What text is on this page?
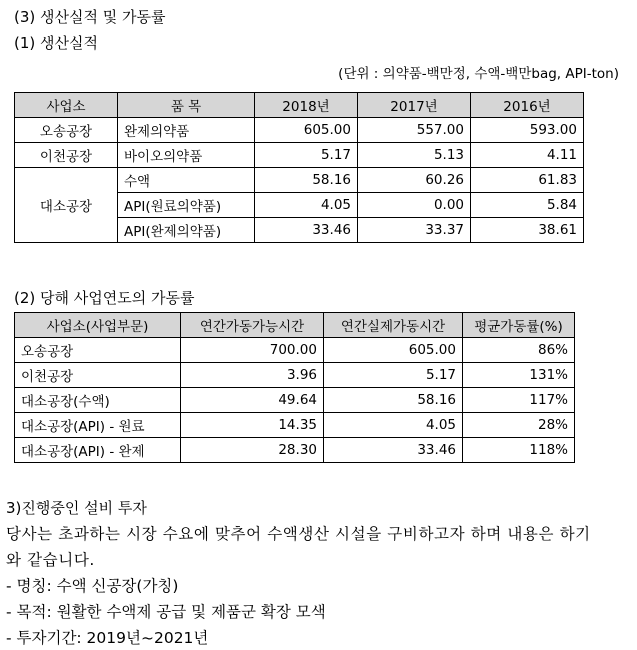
(3) 생산실적 및 가동률
(1) 생산실적
(단위 : 의약품-백만정, 수액-백만bag, API-ton)
사업소	품 목	2018년	2017년	2016년
오송공장	완제의약품	605.00	557.00	593.00
이천공장	바이오의약품	5.17	5.13	4.11
대소공장	수액	58.16	60.26	61.83
	API(원료의약품)	4.05	0.00	5.84
	API(완제의약품)	33.46	33.37	38.61
(2) 당해 사업연도의 가동률
사업소(사업부문)	연간가동가능시간	연간실제가동시간	평균가동률(%)
오송공장	700.00	605.00	86%
이천공장	3.96	5.17	131%
대소공장(수액)	49.64	58.16	117%
대소공장(API) - 원료	14.35	4.05	28%
대소공장(API) - 완제	28.30	33.46	118%
3)진행중인 설비 투자
당사는 초과하는 시장 수요에 맞추어 수액생산 시설을 구비하고자 하며 내용은 하기
와 같습니다.
- 명칭: 수액 신공장(가칭)
- 목적: 원활한 수액제 공급 및 제품군 확장 모색
- 투자기간: 2019년~2021년
